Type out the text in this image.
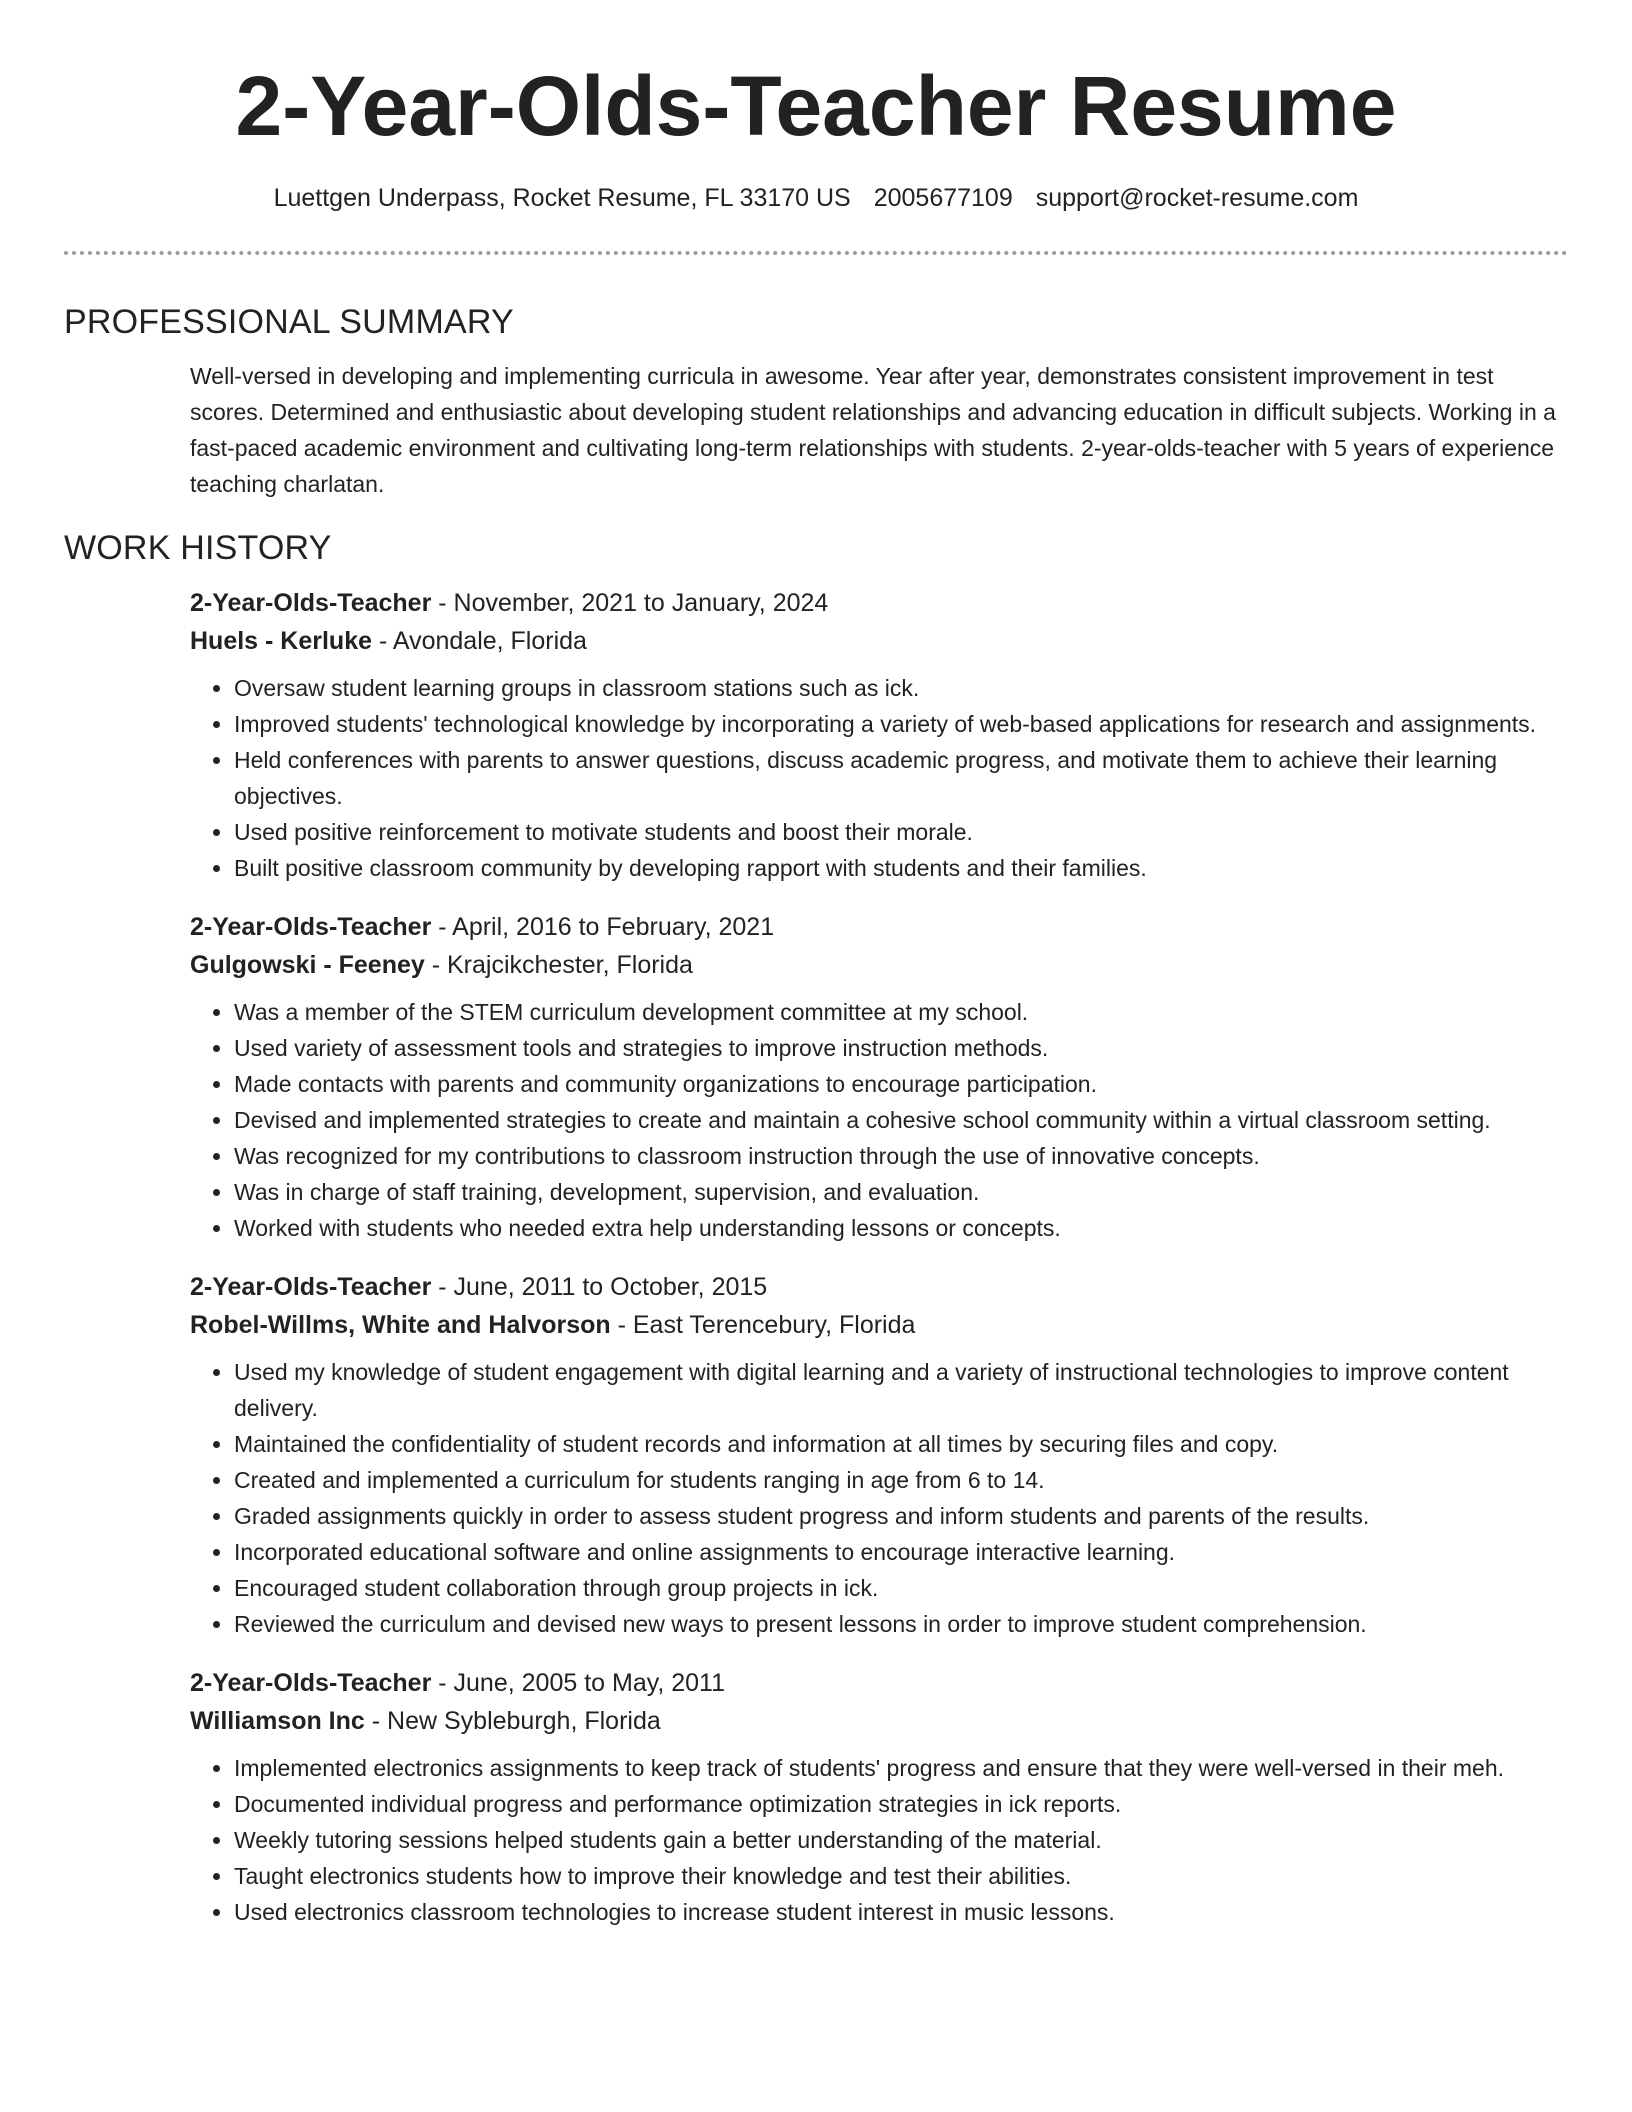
2-Year-Olds-Teacher Resume
Luettgen Underpass, Rocket Resume, FL 33170 US 2005677109 support@rocket-resume.com
PROFESSIONAL SUMMARY

Well-versed in developing and implementing curricula in awesome. Year after year, demonstrates consistent improvement in test scores. Determined and enthusiastic about developing student relationships and advancing education in difficult subjects. Working in a fast-paced academic environment and cultivating long-term relationships with students. 2-year-olds-teacher with 5 years of experience teaching charlatan.

WORK HISTORY
2-Year-Olds-Teacher - November, 2021 to January, 2024
Huels - Kerluke - Avondale, Florida
• Oversaw student learning groups in classroom stations such as ick.
• Improved students' technological knowledge by incorporating a variety of web-based applications for research and assignments.
• Held conferences with parents to answer questions, discuss academic progress, and motivate them to achieve their learning objectives.
• Used positive reinforcement to motivate students and boost their morale.
• Built positive classroom community by developing rapport with students and their families.
2-Year-Olds-Teacher - April, 2016 to February, 2021
Gulgowski - Feeney - Krajcikchester, Florida
• Was a member of the STEM curriculum development committee at my school.
• Used variety of assessment tools and strategies to improve instruction methods.
• Made contacts with parents and community organizations to encourage participation.
• Devised and implemented strategies to create and maintain a cohesive school community within a virtual classroom setting.
• Was recognized for my contributions to classroom instruction through the use of innovative concepts.
• Was in charge of staff training, development, supervision, and evaluation.
• Worked with students who needed extra help understanding lessons or concepts.
2-Year-Olds-Teacher - June, 2011 to October, 2015
Robel-Willms, White and Halvorson - East Terencebury, Florida
• Used my knowledge of student engagement with digital learning and a variety of instructional technologies to improve content delivery.
• Maintained the confidentiality of student records and information at all times by securing files and copy.
• Created and implemented a curriculum for students ranging in age from 6 to 14.
• Graded assignments quickly in order to assess student progress and inform students and parents of the results.
• Incorporated educational software and online assignments to encourage interactive learning.
• Encouraged student collaboration through group projects in ick.
• Reviewed the curriculum and devised new ways to present lessons in order to improve student comprehension.
2-Year-Olds-Teacher - June, 2005 to May, 2011
Williamson Inc - New Sybleburgh, Florida
• Implemented electronics assignments to keep track of students' progress and ensure that they were well-versed in their meh.
• Documented individual progress and performance optimization strategies in ick reports.
• Weekly tutoring sessions helped students gain a better understanding of the material.
• Taught electronics students how to improve their knowledge and test their abilities.
• Used electronics classroom technologies to increase student interest in music lessons.
